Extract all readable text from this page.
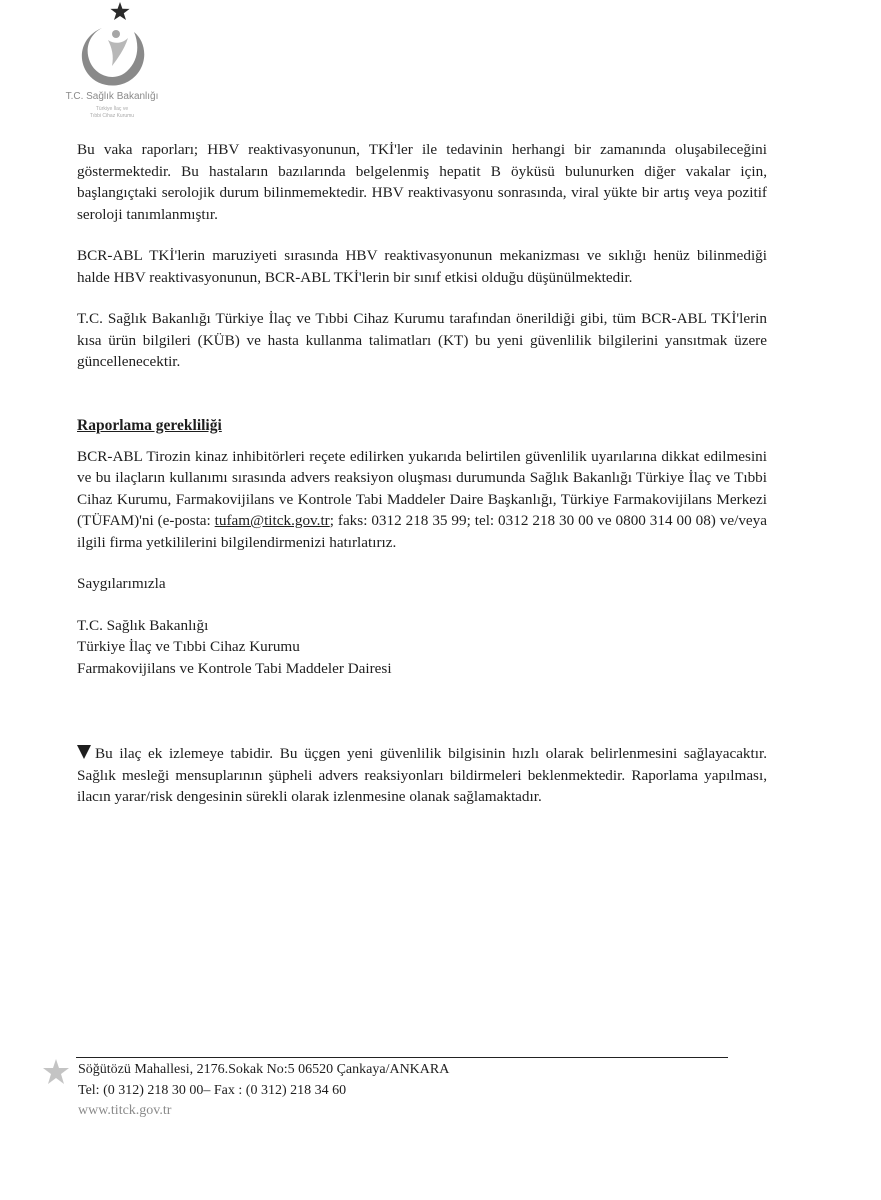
T.C. Sağlık Bakanlığı
Türkiye İlaç ve
Tıbbi Cihaz Kurumu

Bu vaka raporları; HBV reaktivasyonunun, TKİ'ler ile tedavinin herhangi bir zamanında oluşabileceğini göstermektedir. Bu hastaların bazılarında belgelenmiş hepatit B öyküsü bulunurken diğer vakalar için, başlangıçtaki serolojik durum bilinmemektedir. HBV reaktivasyonu sonrasında, viral yükte bir artış veya pozitif seroloji tanımlanmıştır.

BCR-ABL TKİ'lerin maruziyeti sırasında HBV reaktivasyonunun mekanizması ve sıklığı henüz bilinmediği halde HBV reaktivasyonunun, BCR-ABL TKİ'lerin bir sınıf etkisi olduğu düşünülmektedir.

T.C. Sağlık Bakanlığı Türkiye İlaç ve Tıbbi Cihaz Kurumu tarafından önerildiği gibi, tüm BCR-ABL TKİ'lerin kısa ürün bilgileri (KÜB) ve hasta kullanma talimatları (KT) bu yeni güvenlilik bilgilerini yansıtmak üzere güncellenecektir.

Raporlama gerekliliği

BCR-ABL Tirozin kinaz inhibitörleri reçete edilirken yukarıda belirtilen güvenlilik uyarılarına dikkat edilmesini ve bu ilaçların kullanımı sırasında advers reaksiyon oluşması durumunda Sağlık Bakanlığı Türkiye İlaç ve Tıbbi Cihaz Kurumu, Farmakovijilans ve Kontrole Tabi Maddeler Daire Başkanlığı, Türkiye Farmakovijilans Merkezi (TÜFAM)'ni (e-posta: tufam@titck.gov.tr; faks: 0312 218 35 99; tel: 0312 218 30 00 ve 0800 314 00 08) ve/veya ilgili firma yetkililerini bilgilendirmenizi hatırlatırız.

Saygılarımızla

T.C. Sağlık Bakanlığı

Türkiye İlaç ve Tıbbi Cihaz Kurumu

Farmakovijilans ve Kontrole Tabi Maddeler Dairesi

Bu ilaç ek izlemeye tabidir. Bu üçgen yeni güvenlilik bilgisinin hızlı olarak belirlenmesini sağlayacaktır. Sağlık mesleği mensuplarının şüpheli advers reaksiyonları bildirmeleri beklenmektedir. Raporlama yapılması, ilacın yarar/risk dengesinin sürekli olarak izlenmesine olanak sağlamaktadır.

Söğütözü Mahallesi, 2176.Sokak No:5 06520 Çankaya/ANKARA

Tel: (0 312) 218 30 00– Fax : (0 312) 218 34 60

www.titck.gov.tr
